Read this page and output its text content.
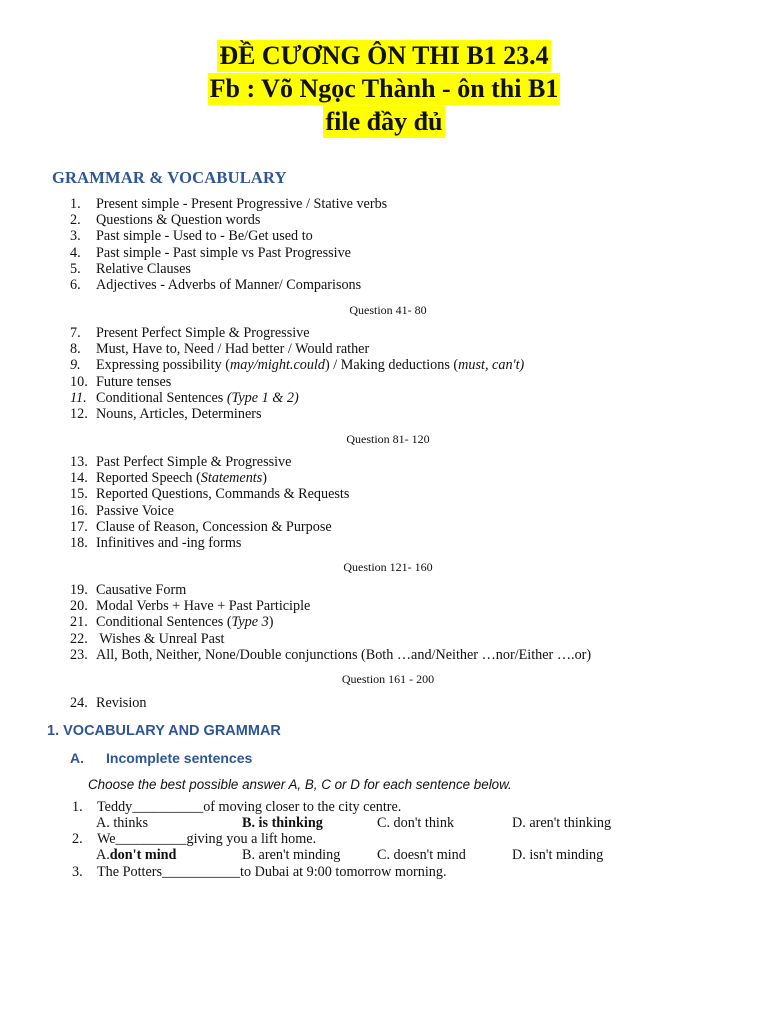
ĐỀ CƯƠNG ÔN THI B1 23.4
Fb : Võ Ngọc Thành - ôn thi B1
file đầy đủ
GRAMMAR & VOCABULARY
1. Present simple - Present Progressive / Stative verbs
2. Questions & Question words
3. Past simple - Used to - Be/Get used to
4. Past simple - Past simple vs Past Progressive
5. Relative Clauses
6. Adjectives - Adverbs of Manner/ Comparisons
Question 41- 80
7. Present Perfect Simple & Progressive
8. Must, Have to, Need / Had better / Would rather
9. Expressing possibility (may/might.could) / Making deductions (must, can't)
10. Future tenses
11. Conditional Sentences (Type 1 & 2)
12. Nouns, Articles, Determiners
Question 81- 120
13. Past Perfect Simple & Progressive
14. Reported Speech (Statements)
15. Reported Questions, Commands & Requests
16. Passive Voice
17. Clause of Reason, Concession & Purpose
18. Infinitives and -ing forms
Question 121- 160
19. Causative Form
20. Modal Verbs + Have + Past Participle
21. Conditional Sentences (Type 3)
22. Wishes & Unreal Past
23. All, Both, Neither, None/Double conjunctions (Both …and/Neither …nor/Either ….or)
Question 161 - 200
24. Revision
1. VOCABULARY AND GRAMMAR
A. Incomplete sentences
Choose the best possible answer A, B, C or D for each sentence below.
1. Teddy__________of moving closer to the city centre.
A. thinks	B. is thinking	C. don't think	D. aren't thinking
2. We__________giving you a lift home.
A.don't mind	B. aren't minding	C. doesn't mind	D. isn't minding
3. The Potters___________to Dubai at 9:00 tomorrow morning.
